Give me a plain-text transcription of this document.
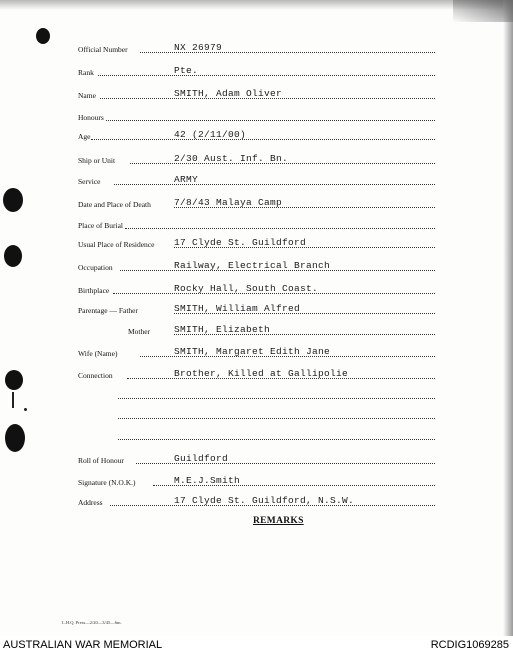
Official Number	NX 26979
Rank	Pte.
Name	SMITH, Adam Oliver
Honours
Age	42 (2/11/00)
Ship or Unit	2/30 Aust. Inf. Bn.
Service	ARMY
Date and Place of Death 7/8/43 Malaya Camp
Place of Burial
Usual Place of Residence 17 Clyde St. Guildford
Occupation	Railway, Electrical Branch
Birthplace	Rocky Hall, South Coast.
Parentage — Father	SMITH, William Alfred
Mother	SMITH, Elizabeth
Wife (Name)	SMITH, Margaret Edith Jane
Connection	Brother, Killed at Gallipolie
Roll of Honour	Guildford
Signature (N.O.K.)	M.E.J.Smith
Address	17 Clyde St. Guildford, N.S.W.
REMARKS
L.H.Q. Press—2/20—3/45—6m.
AUSTRALIAN WAR MEMORIAL	RCDIG1069285
